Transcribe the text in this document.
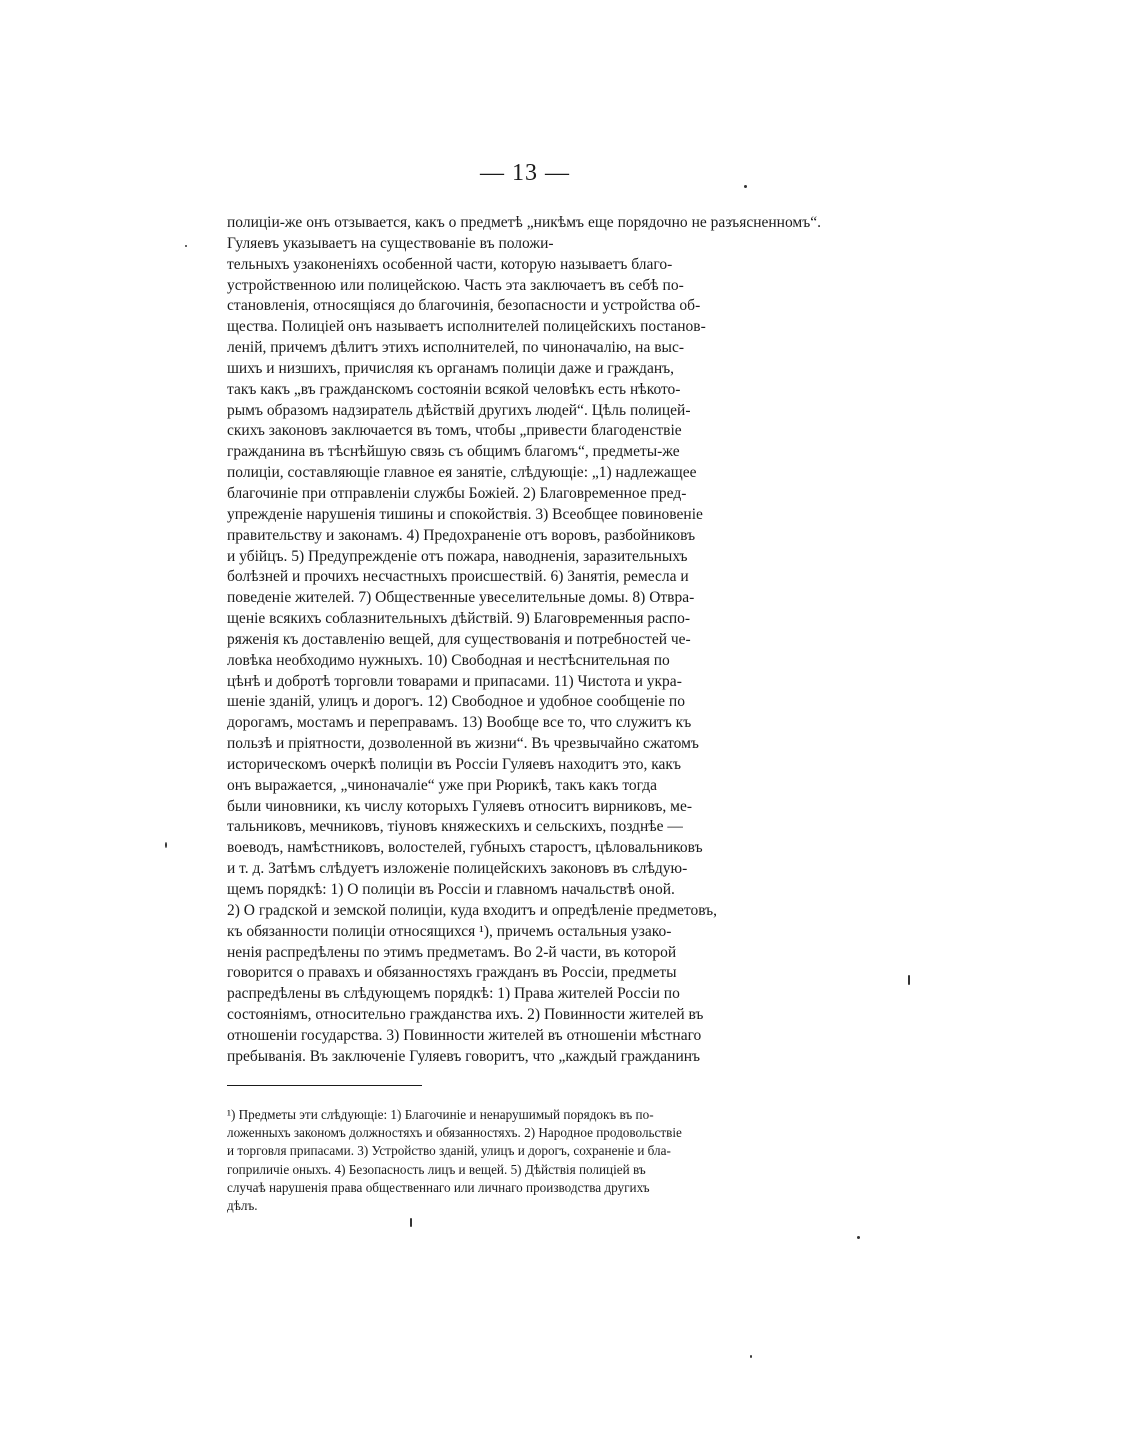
— 13 —

полиціи-же онъ отзывается, какъ о предметѣ „никѣмъ еще порядочно не разъясненномъ“. Гуляевъ указываетъ на существованіе въ положи-
тельныхъ узаконеніяхъ особенной части, которую называетъ благо-
устройственною или полицейскою. Часть эта заключаетъ въ себѣ по-
становленія, относящіяся до благочинія, безопасности и устройства об-
щества. Полиціей онъ называетъ исполнителей полицейскихъ постанов-
леній, причемъ дѣлитъ этихъ исполнителей, по чиноначалію, на выс-
шихъ и низшихъ, причисляя къ органамъ полиціи даже и гражданъ,
такъ какъ „въ гражданскомъ состояніи всякой человѣкъ есть нѣкото-
рымъ образомъ надзиратель дѣйствій другихъ людей“. Цѣль полицей-
скихъ законовъ заключается въ томъ, чтобы „привести благоденствіе
гражданина въ тѣснѣйшую связь съ общимъ благомъ“, предметы-же
полиціи, составляющіе главное ея занятіе, слѣдующіе: „1) надлежащее
благочиніе при отправленіи службы Божіей. 2) Благовременное пред-
упрежденіе нарушенія тишины и спокойствія. 3) Всеобщее повиновеніе
правительству и законамъ. 4) Предохраненіе отъ воровъ, разбойниковъ
и убійцъ. 5) Предупрежденіе отъ пожара, наводненія, заразительныхъ
болѣзней и прочихъ несчастныхъ происшествій. 6) Занятія, ремесла и
поведеніе жителей. 7) Общественные увеселительные домы. 8) Отвра-
щеніе всякихъ соблазнительныхъ дѣйствій. 9) Благовременныя распо-
ряженія къ доставленію вещей, для существованія и потребностей че-
ловѣка необходимо нужныхъ. 10) Свободная и нестѣснительная по
цѣнѣ и добротѣ торговли товарами и припасами. 11) Чистота и укра-
шеніе зданій, улицъ и дорогъ. 12) Свободное и удобное сообщеніе по
дорогамъ, мостамъ и переправамъ. 13) Вообще все то, что служитъ къ
пользѣ и пріятности, дозволенной въ жизни“. Въ чрезвычайно сжатомъ
историческомъ очеркѣ полиціи въ Россіи Гуляевъ находитъ это, какъ
онъ выражается, „чиноначаліе“ уже при Рюрикѣ, такъ какъ тогда
были чиновники, къ числу которыхъ Гуляевъ относитъ вирниковъ, ме-
тальниковъ, мечниковъ, тіуновъ княжескихъ и сельскихъ, позднѣе —
воеводъ, намѣстниковъ, волостелей, губныхъ старостъ, цѣловальниковъ
и т. д. Затѣмъ слѣдуетъ изложеніе полицейскихъ законовъ въ слѣдую-
щемъ порядкѣ: 1) О полиціи въ Россіи и главномъ начальствѣ оной.
2) О градской и земской полиціи, куда входитъ и опредѣленіе предметовъ,
къ обязанности полиціи относящихся ¹), причемъ остальныя узако-
ненія распредѣлены по этимъ предметамъ. Во 2-й части, въ которой
говорится о правахъ и обязанностяхъ гражданъ въ Россіи, предметы
распредѣлены въ слѣдующемъ порядкѣ: 1) Права жителей Россіи по
состояніямъ, относительно гражданства ихъ. 2) Повинности жителей въ
отношеніи государства. 3) Повинности жителей въ отношеніи мѣстнаго
пребыванія. Въ заключеніе Гуляевъ говоритъ, что „каждый гражданинъ

¹) Предметы эти слѣдующіе: 1) Благочиніе и ненарушимый порядокъ въ по-
ложенныхъ закономъ должностяхъ и обязанностяхъ. 2) Народное продовольствіе
и торговля припасами. 3) Устройство зданій, улицъ и дорогъ, сохраненіе и бла-
гоприличіе оныхъ. 4) Безопасность лицъ и вещей. 5) Дѣйствія полиціей въ
случаѣ нарушенія права общественнаго или личнаго производства другихъ
дѣлъ.
